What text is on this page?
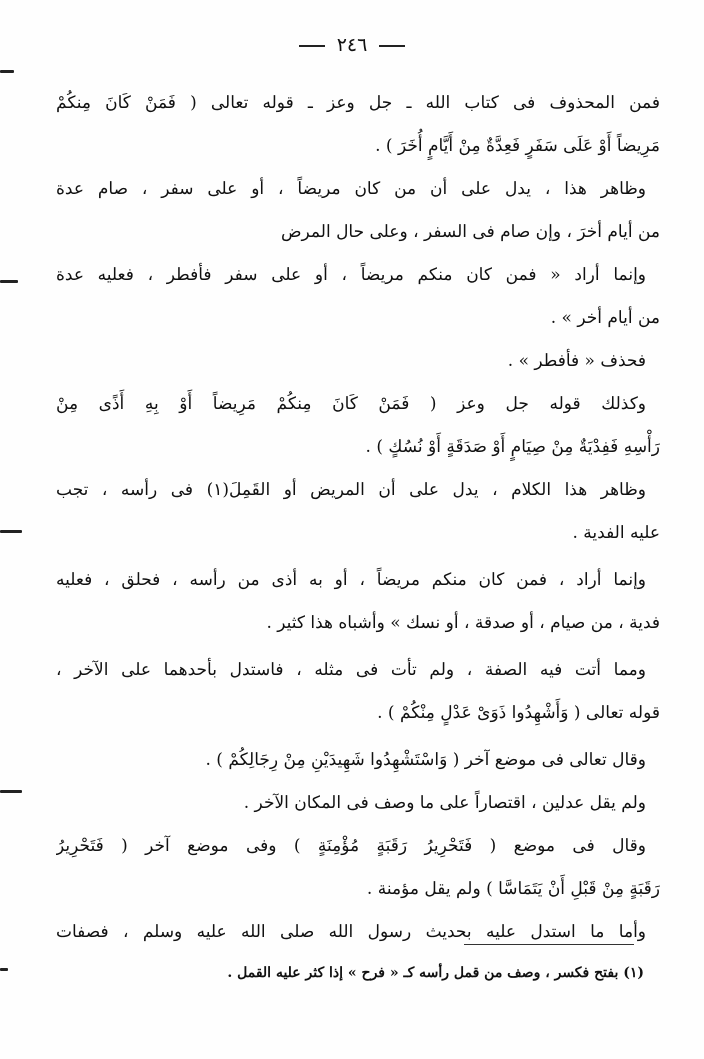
٢٤٦
فمن المحذوف فى كتاب الله ـ جل وعز ـ قوله تعالى ( فَمَنْ كَانَ مِنكُمْ
مَرِيضاً أَوْ عَلَى سَفَرٍ فَعِدَّةٌ مِنْ أَيَّامٍ أُخَرَ ) .
وظاهر هذا ، يدل على أن من كان مريضاً ، أو على سفر ، صام عدة
من أيام أخرَ ، وإن صام فى السفر ، وعلى حال المرض
وإنما أراد « فمن كان منكم مريضاً ، أو على سفر فأفطر ، فعليه عدة
من أيام أخر » .
فحذف « فأفطر » .
وكذلك قوله جل وعز ( فَمَنْ كَانَ مِنكُمْ مَرِيضاً أَوْ بِهِ أَذًى مِنْ
رَأْسِهِ فَفِدْيَةٌ مِنْ صِيَامٍ أَوْ صَدَقَةٍ أَوْ نُسُكٍ ) .
وظاهر هذا الكلام ، يدل على أن المريض أو القَمِلَ(١) فى رأسه ، تجب
عليه الفدية .
وإنما أراد ، فمن كان منكم مريضاً ، أو به أذى من رأسه ، فحلق ، فعليه
فدية ، من صيام ، أو صدقة ، أو نسك » وأشباه هذا كثير .
ومما أتت فيه الصفة ، ولم تأت فى مثله ، فاستدل بأحدهما على الآخر ،
قوله تعالى ( وَأَشْهِدُوا ذَوَىْ عَدْلٍ مِنْكُمْ ) .
وقال تعالى فى موضع آخر ( وَاسْتَشْهِدُوا شَهِيدَيْنِ مِنْ رِجَالِكُمْ ) .
ولم يقل عدلين ، اقتصاراً على ما وصف فى المكان الآخر .
وقال فى موضع ( فَتَحْرِيرُ رَقَبَةٍ مُؤْمِنَةٍ ) وفى موضع آخر ( فَتَحْرِيرُ
رَقَبَةٍ مِنْ قَبْلِ أَنْ يَتَمَاسَّا ) ولم يقل مؤمنة .
وأما ما استدل عليه بحديث رسول الله صلى الله عليه وسلم ، فصفات
(١) بفتح فكسر ، وصف من قمل رأسه كـ « فرح » إذا كثر عليه القمل .
